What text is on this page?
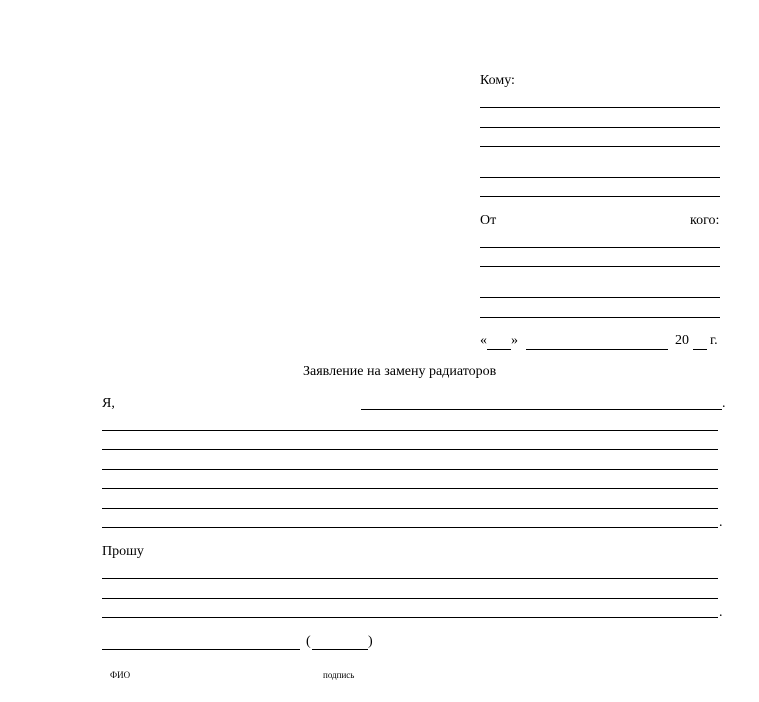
Кому:
От	кого:
« »	20 г.
Заявление на замену радиаторов
Я,	.
.
Прошу
.
(	)
ФИО	подпись
